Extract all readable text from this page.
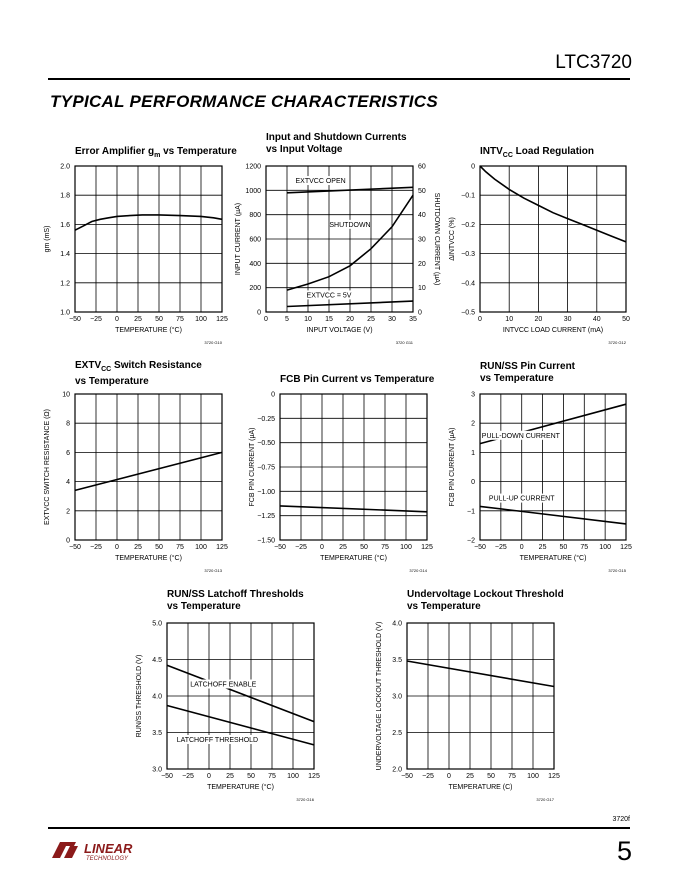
LTC3720
TYPICAL PERFORMANCE CHARACTERISTICS
Error Amplifier $g_m$ vs Temperature
−50 −25 0 25 50 75 100 125
1.0
1.2
1.4
1.6
1.8
2.0
TEMPERATURE (°C)
gm (mS)
3720 G10
Input and Shutdown Currents
vs Input Voltage
0 5 10 15 20 25 30 35
0
200
400
600
800
1000
1200
0
10
20
30
40
50
60
INPUT VOLTAGE (V)
INPUT CURRENT (µA)	SHUTDOWN CURRENT (µA)
3720 G11
EXTVCC OPEN
SHUTDOWN
EXTVCC = 5V
$INTV_{CC}$ Load Regulation
0	10	20	30	40	50
−0.5
−0.4
−0.3
−0.2
−0.1
0
INTVCC LOAD CURRENT (mA)
ΔINTVCC (%)
3720 G12
$EXTV_{CC}$ Switch Resistance
vs Temperature
−50 −25 0 25 50 75 100 125
0
2
4
6
8
10
TEMPERATURE (°C)
EXTVCC SWITCH RESISTANCE (Ω)
3720 G13
FCB Pin Current vs Temperature
−50 −25 0 25 50 75 100 125
−1.50
−1.25
−1.00
−0.75
−0.50
−0.25
0
TEMPERATURE (°C)
FCB PIN CURRENT (µA)
3720 G14
RUN/SS Pin Current
vs Temperature
−50 −25 0 25 50 75 100 125
−2
−1
0
1
2
3
TEMPERATURE (°C)
FCB PIN CURRENT (µA)
3720 G15
PULL-DOWN CURRENT
PULL-UP CURRENT
RUN/SS Latchoff Thresholds
vs Temperature
−50 −25 0 25 50 75 100 125
3.0
3.5
4.0
4.5
5.0
TEMPERATURE (°C)
RUN/SS THRESHOLD (V)
3720 G16
LATCHOFF ENABLE
LATCHOFF THRESHOLD
Undervoltage Lockout Threshold
vs Temperature
−50 −25 0 25 50 75 100 125
2.0
2.5
3.0
3.5
4.0
TEMPERATURE (C)
UNDERVOLTAGE LOCKOUT THRESHOLD (V)
3720 G17
3720f
LINEAR
TECHNOLOGY	5
